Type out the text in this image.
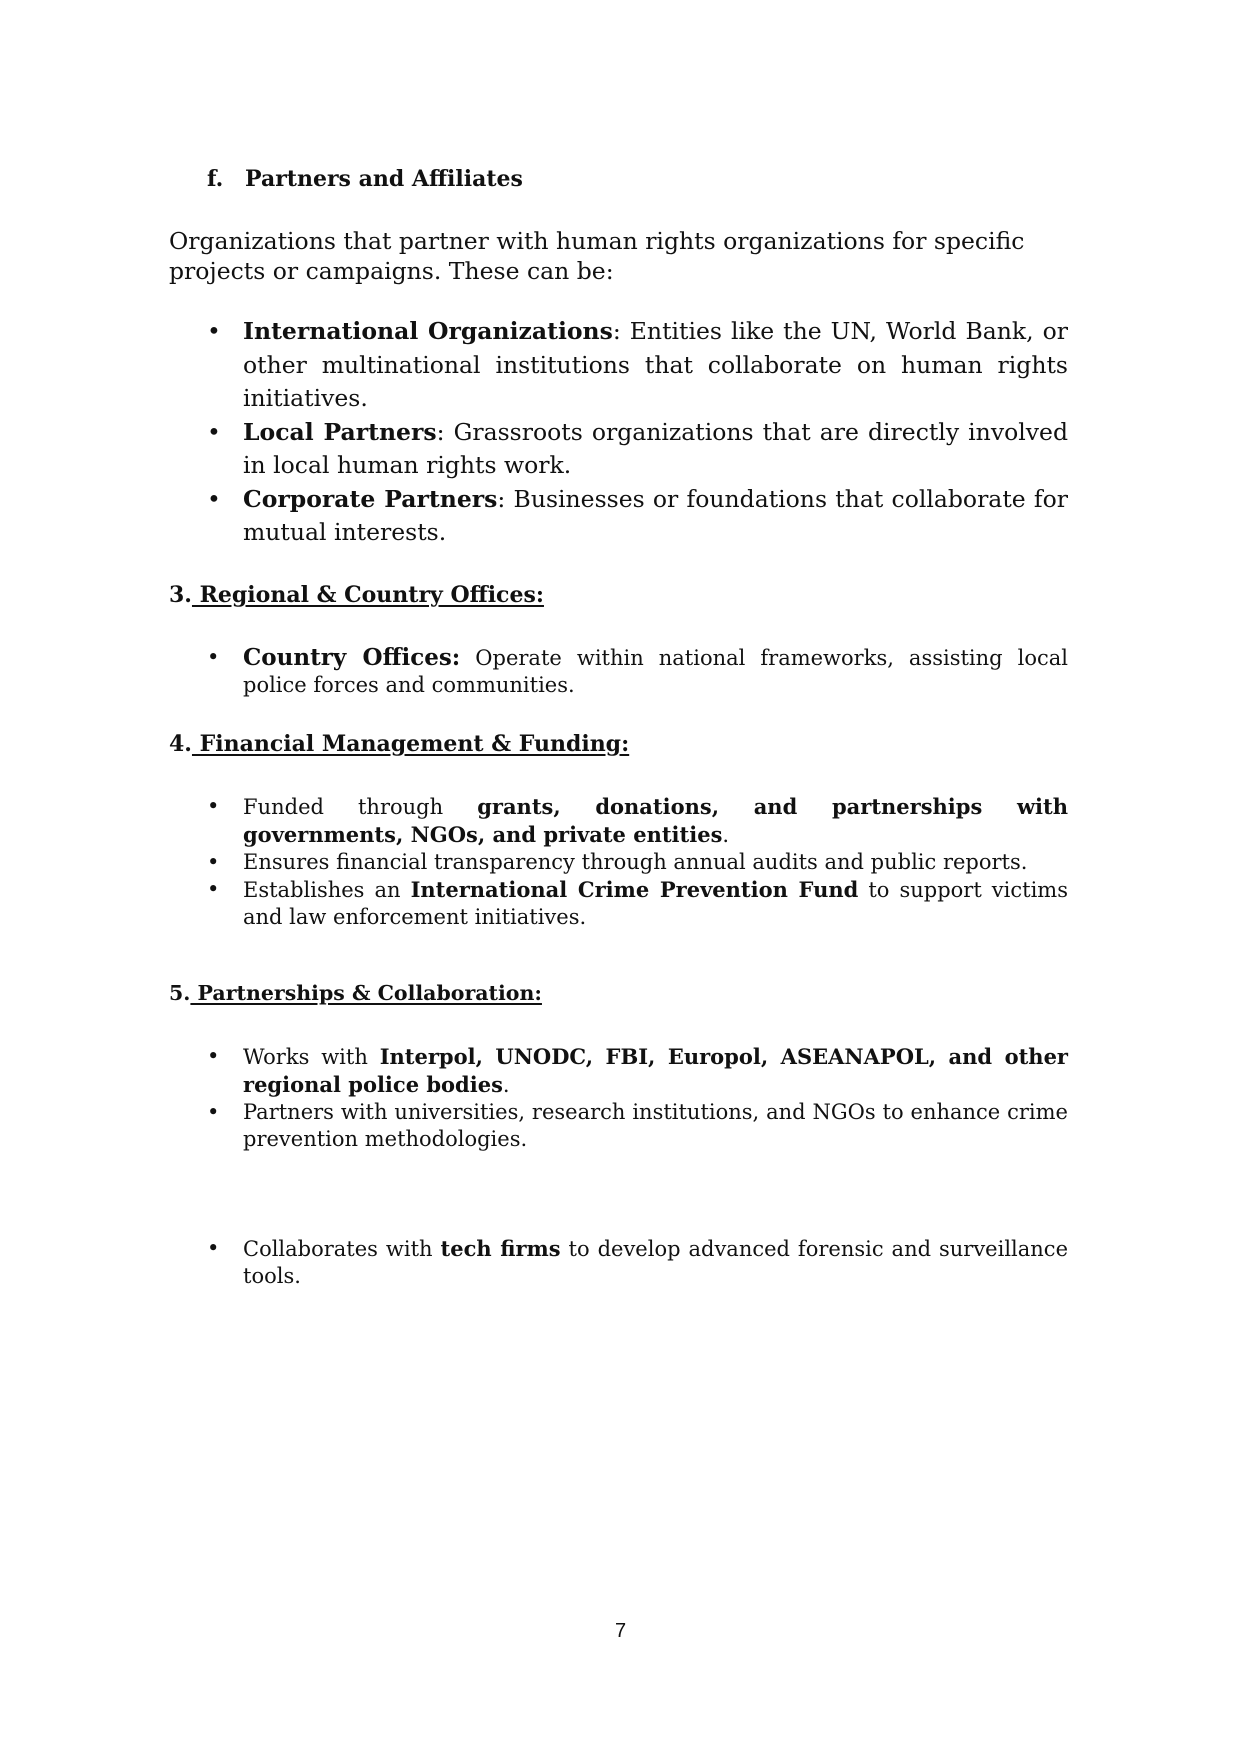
f. Partners and Affiliates
Organizations that partner with human rights organizations for specific projects or campaigns. These can be:
• International Organizations: Entities like the UN, World Bank, or other multinational institutions that collaborate on human rights initiatives.
• Local Partners: Grassroots organizations that are directly involved in local human rights work.
• Corporate Partners: Businesses or foundations that collaborate for mutual interests.
3. Regional & Country Offices:
• Country Offices: Operate within national frameworks, assisting local police forces and communities.
4. Financial Management & Funding:
• Funded through grants, donations, and partnerships with governments, NGOs, and private entities.
• Ensures financial transparency through annual audits and public reports.
• Establishes an International Crime Prevention Fund to support victims and law enforcement initiatives.
5. Partnerships & Collaboration:
• Works with Interpol, UNODC, FBI, Europol, ASEANAPOL, and other regional police bodies.
• Partners with universities, research institutions, and NGOs to enhance crime prevention methodologies.
• Collaborates with tech firms to develop advanced forensic and surveillance tools.
7
